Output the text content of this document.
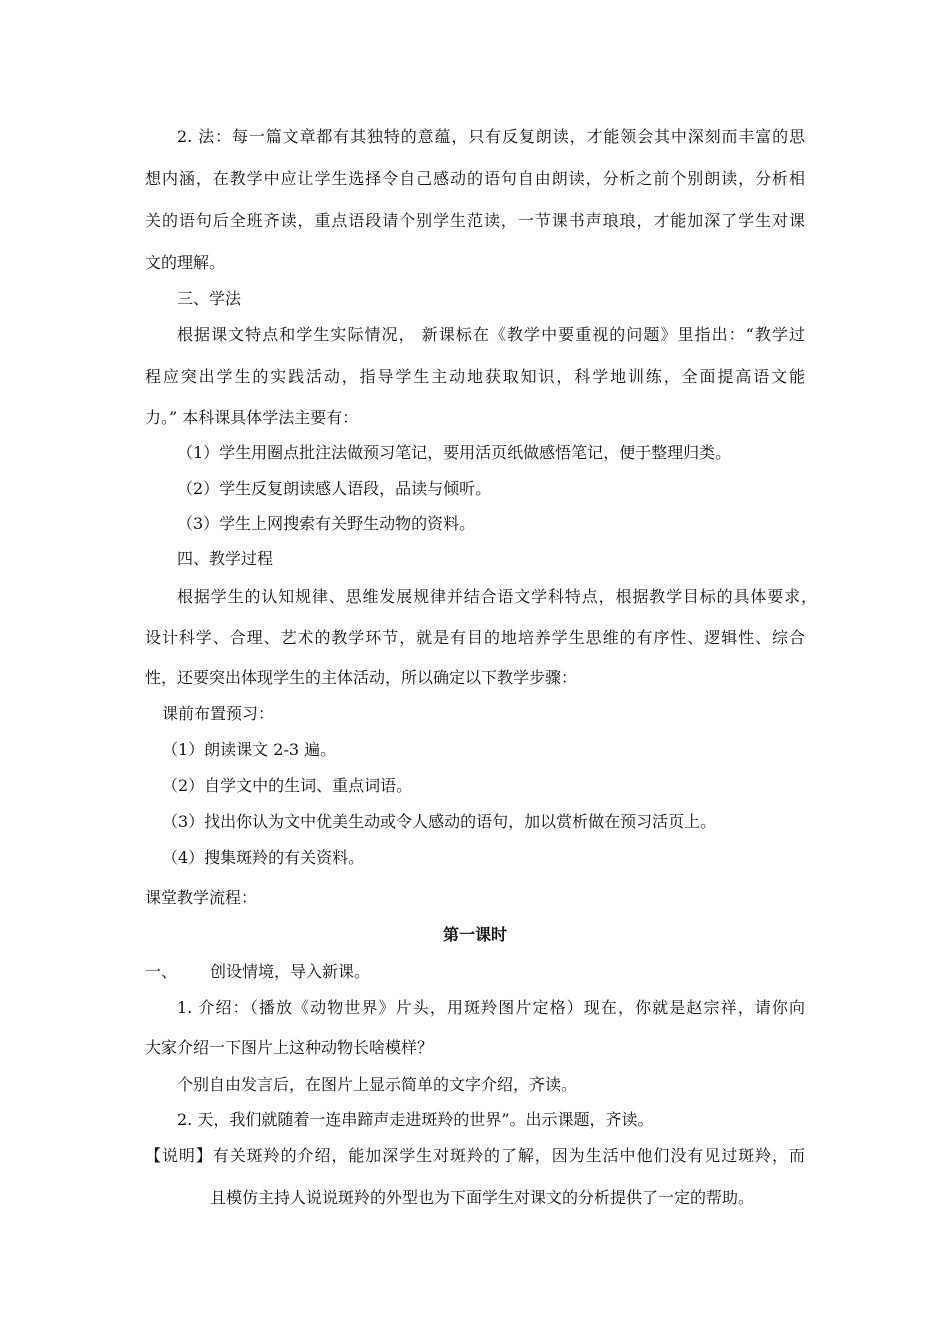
2. 法：每一篇文章都有其独特的意蕴，只有反复朗读，才能领会其中深刻而丰富的思
想内涵，在教学中应让学生选择令自己感动的语句自由朗读，分析之前个别朗读，分析相
关的语句后全班齐读，重点语段请个别学生范读，一节课书声琅琅，才能加深了学生对课
文的理解。
三、学法
根据课文特点和学生实际情况， 新课标在《教学中要重视的问题》里指出：“教学过
程应突出学生的实践活动，指导学生主动地获取知识，科学地训练，全面提高语文能
力。” 本科课具体学法主要有：
（1）学生用圈点批注法做预习笔记，要用活页纸做感悟笔记，便于整理归类。
（2）学生反复朗读感人语段，品读与倾听。
（3）学生上网搜索有关野生动物的资料。
四、教学过程
根据学生的认知规律、思维发展规律并结合语文学科特点，根据教学目标的具体要求，
设计科学、合理、艺术的教学环节，就是有目的地培养学生思维的有序性、逻辑性、综合
性，还要突出体现学生的主体活动，所以确定以下教学步骤：
课前布置预习：
（1）朗读课文 2-3 遍。
（2）自学文中的生词、重点词语。
（3）找出你认为文中优美生动或令人感动的语句，加以赏析做在预习活页上。
（4）搜集斑羚的有关资料。
课堂教学流程：
第一课时
一、 创设情境，导入新课。
1. 介绍：（播放《动物世界》片头，用斑羚图片定格）现在，你就是赵宗祥，请你向
大家介绍一下图片上这种动物长啥模样？
个别自由发言后，在图片上显示简单的文字介绍，齐读。
2. 天，我们就随着一连串蹄声走进斑羚的世界”。出示课题，齐读。
【说明】有关斑羚的介绍，能加深学生对斑羚的了解，因为生活中他们没有见过斑羚，而
且模仿主持人说说斑羚的外型也为下面学生对课文的分析提供了一定的帮助。
